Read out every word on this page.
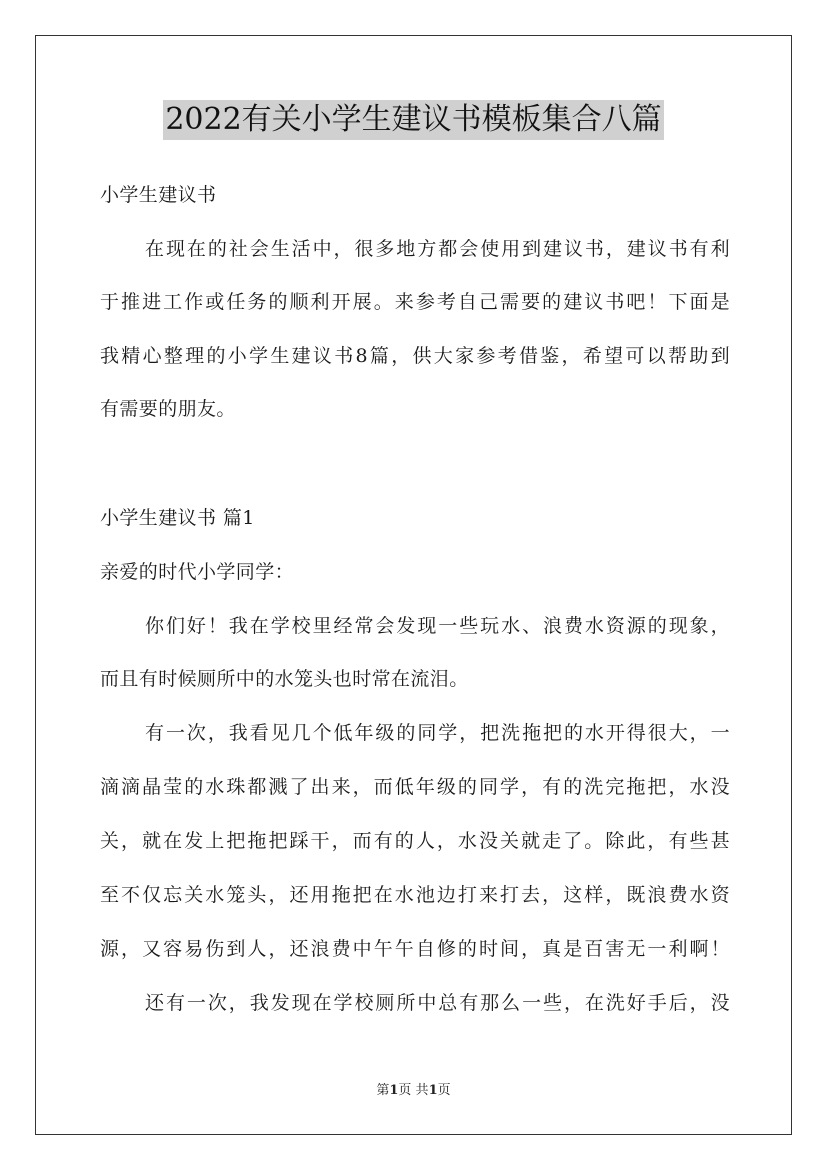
2022有关小学生建议书模板集合八篇
小学生建议书
在现在的社会生活中，很多地方都会使用到建议书，建议书有利
于推进工作或任务的顺利开展。来参考自己需要的建议书吧！下面是
我精心整理的小学生建议书8篇，供大家参考借鉴，希望可以帮助到
有需要的朋友。
小学生建议书 篇1
亲爱的时代小学同学：
你们好！我在学校里经常会发现一些玩水、浪费水资源的现象，
而且有时候厕所中的水笼头也时常在流泪。
有一次，我看见几个低年级的同学，把洗拖把的水开得很大，一
滴滴晶莹的水珠都溅了出来，而低年级的同学，有的洗完拖把，水没
关，就在发上把拖把踩干，而有的人，水没关就走了。除此，有些甚
至不仅忘关水笼头，还用拖把在水池边打来打去，这样，既浪费水资
源，又容易伤到人，还浪费中午午自修的时间，真是百害无一利啊！
还有一次，我发现在学校厕所中总有那么一些，在洗好手后，没
第1页 共1页
